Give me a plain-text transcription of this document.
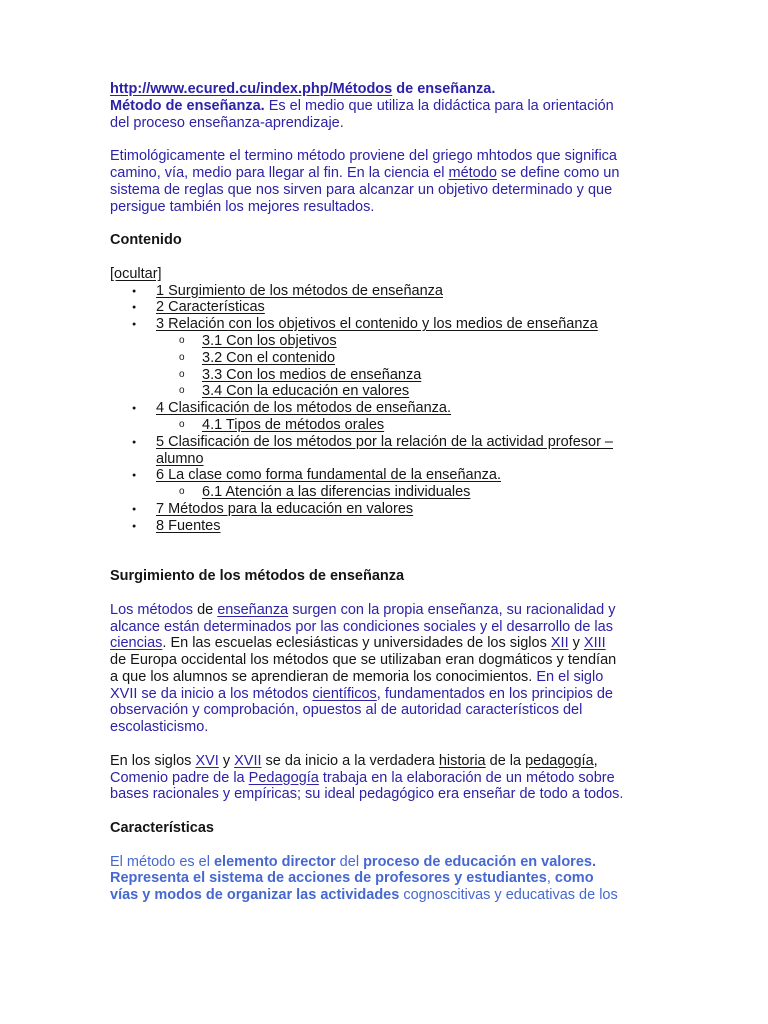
http://www.ecured.cu/index.php/Métodos de enseñanza.
Método de enseñanza. Es el medio que utiliza la didáctica para la orientación
del proceso enseñanza-aprendizaje.
Etimológicamente el termino método proviene del griego mhtodos que significa
camino, vía, medio para llegar al fin. En la ciencia el método se define como un
sistema de reglas que nos sirven para alcanzar un objetivo determinado y que
persigue también los mejores resultados.
Contenido
[ocultar]
● 1 Surgimiento de los métodos de enseñanza
● 2 Características
● 3 Relación con los objetivos el contenido y los medios de enseñanza
o 3.1 Con los objetivos
o 3.2 Con el contenido
o 3.3 Con los medios de enseñanza
o 3.4 Con la educación en valores
● 4 Clasificación de los métodos de enseñanza.
o 4.1 Tipos de métodos orales
● 5 Clasificación de los métodos por la relación de la actividad profesor –
alumno
● 6 La clase como forma fundamental de la enseñanza.
o 6.1 Atención a las diferencias individuales
● 7 Métodos para la educación en valores
● 8 Fuentes
Surgimiento de los métodos de enseñanza
Los métodos de enseñanza surgen con la propia enseñanza, su racionalidad y
alcance están determinados por las condiciones sociales y el desarrollo de las
ciencias. En las escuelas eclesiásticas y universidades de los siglos XII y XIII
de Europa occidental los métodos que se utilizaban eran dogmáticos y tendían
a que los alumnos se aprendieran de memoria los conocimientos. En el siglo
XVII se da inicio a los métodos científicos, fundamentados en los principios de
observación y comprobación, opuestos al de autoridad característicos del
escolasticismo.
En los siglos XVI y XVII se da inicio a la verdadera historia de la pedagogía,
Comenio padre de la Pedagogía trabaja en la elaboración de un método sobre
bases racionales y empíricas; su ideal pedagógico era enseñar de todo a todos.
Características
El método es el elemento director del proceso de educación en valores.
Representa el sistema de acciones de profesores y estudiantes, como
vías y modos de organizar las actividades cognoscitivas y educativas de los
